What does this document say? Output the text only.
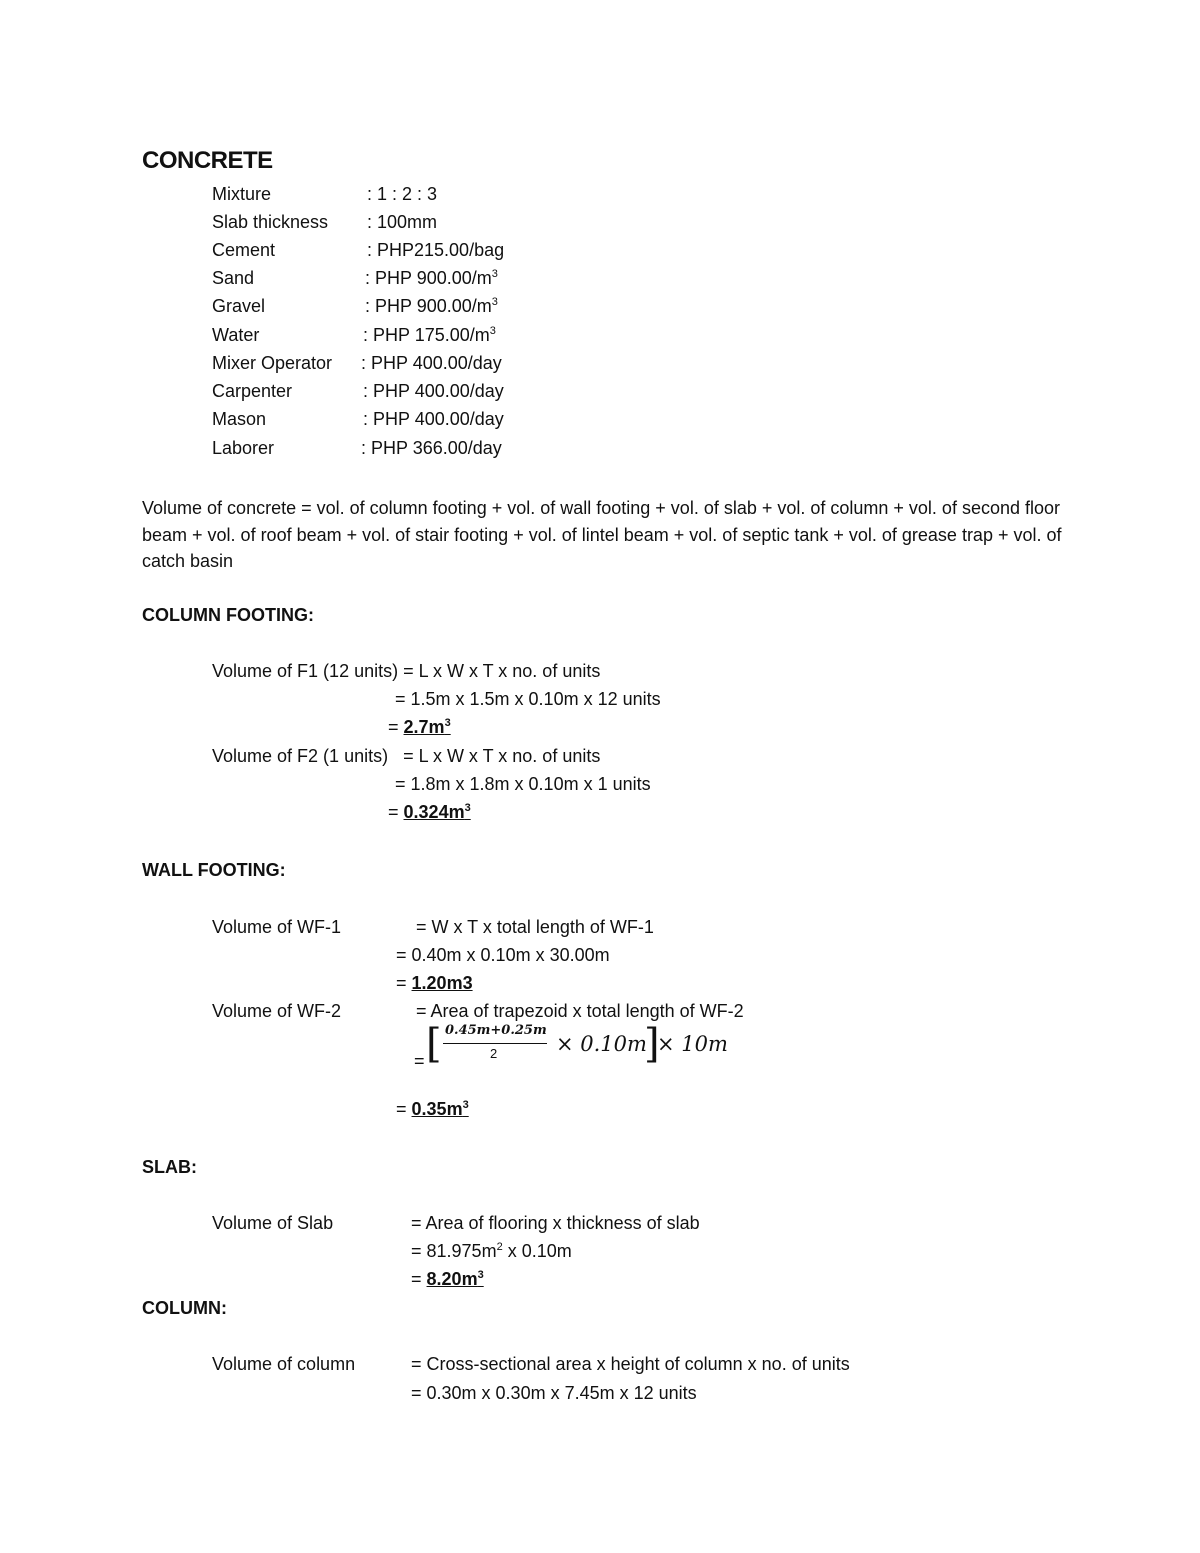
CONCRETE
Mixture	: 1 : 2 : 3
Slab thickness : 100mm
Cement	: PHP215.00/bag
Sand	: PHP $900.00/m^3$
Gravel	: PHP $900.00/m^3$
Water	: PHP $175.00/m^3$
Mixer Operator : PHP 400.00/day
Carpenter	: PHP 400.00/day
Mason	: PHP 400.00/day
Laborer	: PHP 366.00/day
Volume of concrete = vol. of column footing + vol. of wall footing + vol. of slab + vol. of column + vol. of second floor beam + vol. of roof beam + vol. of stair footing + vol. of lintel beam + vol. of septic tank + vol. of grease trap + vol. of catch basin
COLUMN FOOTING:
Volume of F1 (12 units) = L x W x T x no. of units
= 1.5m x 1.5m x 0.10m x 12 units
= $2.7m^3$
Volume of F2 (1 units)   = L x W x T x no. of units
= 1.8m x 1.8m x 0.10m x 1 units
= $0.324m^3$
WALL FOOTING:
Volume of WF-1	= W x T x total length of WF-1
= 0.40m x 0.10m x 30.00m
= 1.20m3
Volume of WF-2	= Area of trapezoid x total length of WF-2
= [ 0.45m+0.25m
2	× 0.10m
]
× 10m
= $0.35m^3$
SLAB:
Volume of Slab	= Area of flooring x thickness of slab
= $81.975m^2$ x 0.10m
= $8.20m^3$
COLUMN:
Volume of column	= Cross-sectional area x height of column x no. of units
= 0.30m x 0.30m x 7.45m x 12 units
